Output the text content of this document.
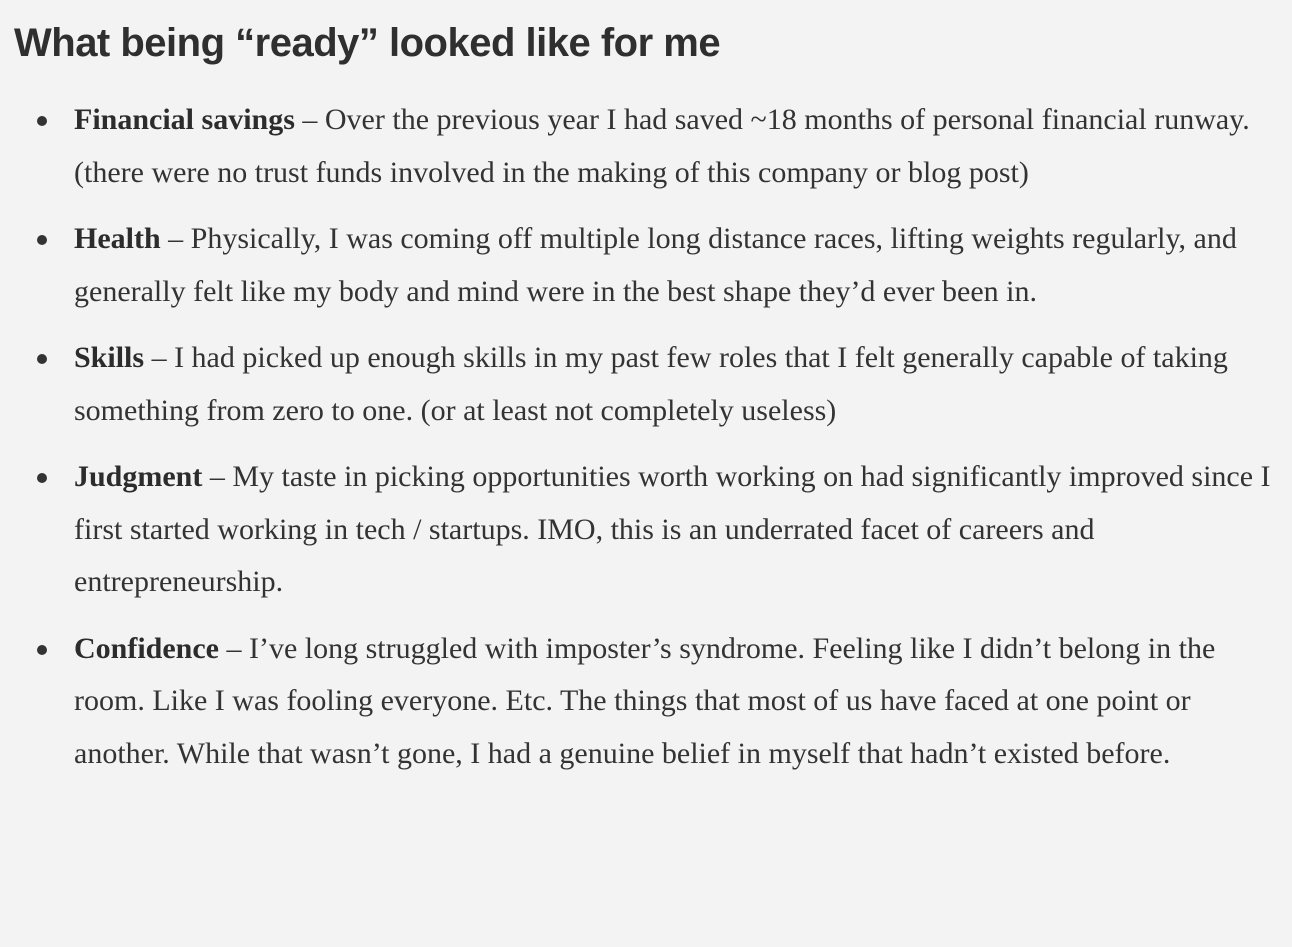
What being “ready” looked like for me
Financial savings – Over the previous year I had saved ~18 months of personal financial runway. (there were no trust funds involved in the making of this company or blog post)
Health – Physically, I was coming off multiple long distance races, lifting weights regularly, and generally felt like my body and mind were in the best shape they’d ever been in.
Skills – I had picked up enough skills in my past few roles that I felt generally capable of taking something from zero to one. (or at least not completely useless)
Judgment – My taste in picking opportunities worth working on had significantly improved since I first started working in tech / startups. IMO, this is an underrated facet of careers and entrepreneurship.
Confidence – I’ve long struggled with imposter’s syndrome. Feeling like I didn’t belong in the room. Like I was fooling everyone. Etc. The things that most of us have faced at one point or another. While that wasn’t gone, I had a genuine belief in myself that hadn’t existed before.
